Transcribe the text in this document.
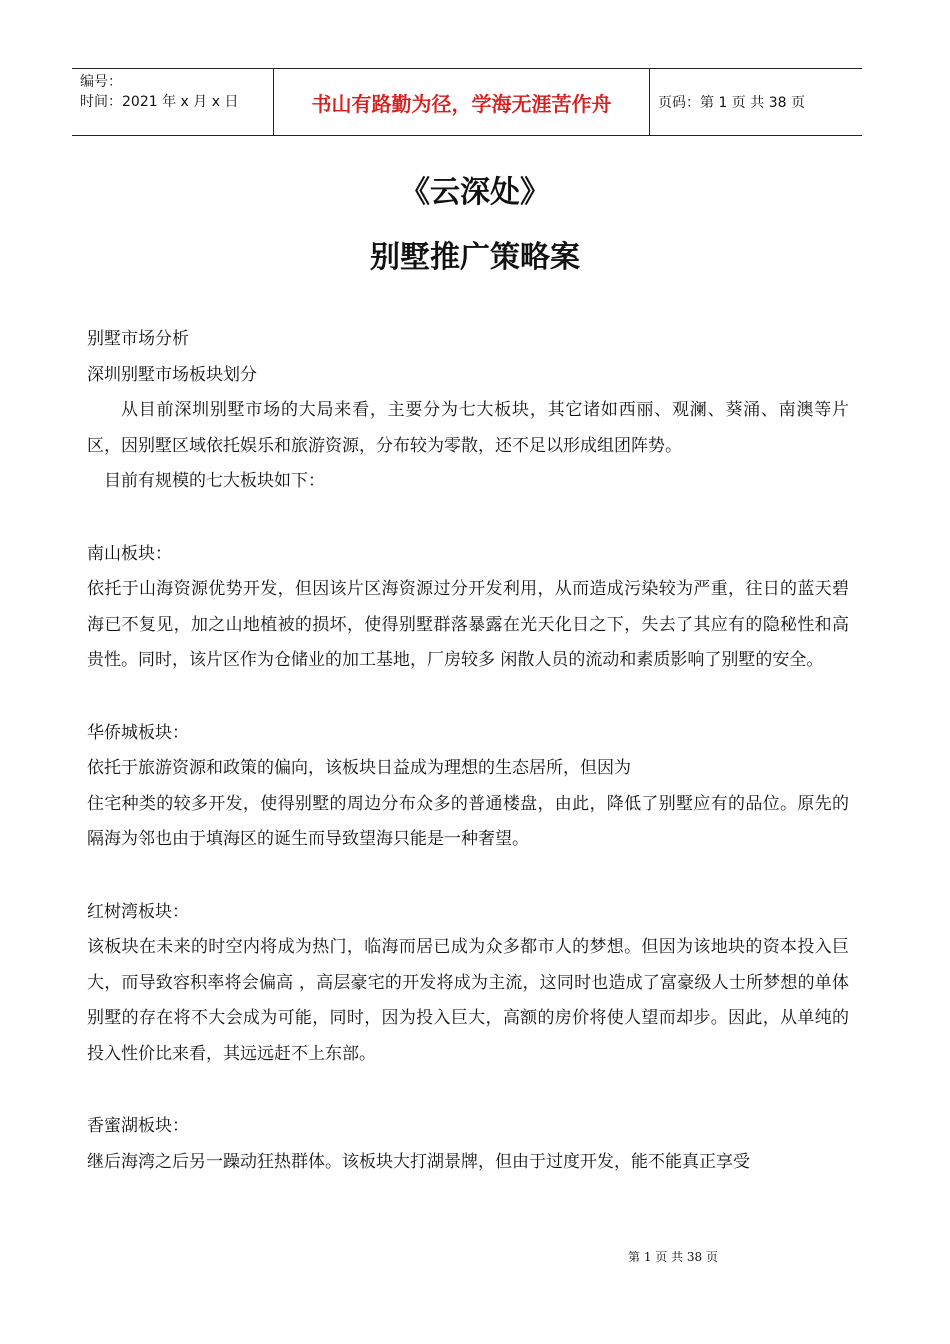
编号：
时间：2021 年 x 月 x 日	书山有路勤为径，学海无涯苦作舟	页码：第 1 页 共 38 页
《云深处》
别墅推广策略案

别墅市场分析

深圳别墅市场板块划分

从目前深圳别墅市场的大局来看，主要分为七大板块，其它诸如西丽、观澜、葵涌、南澳等片区，因别墅区域依托娱乐和旅游资源，分布较为零散，还不足以形成组团阵势。

目前有规模的七大板块如下：

南山板块：

依托于山海资源优势开发，但因该片区海资源过分开发利用，从而造成污染较为严重，往日的蓝天碧海已不复见，加之山地植被的损坏，使得别墅群落暴露在光天化日之下，失去了其应有的隐秘性和高贵性。同时，该片区作为仓储业的加工基地，厂房较多 闲散人员的流动和素质影响了别墅的安全。

华侨城板块：

依托于旅游资源和政策的偏向，该板块日益成为理想的生态居所，但因为

住宅种类的较多开发，使得别墅的周边分布众多的普通楼盘，由此，降低了别墅应有的品位。原先的隔海为邻也由于填海区的诞生而导致望海只能是一种奢望。

红树湾板块：

该板块在未来的时空内将成为热门，临海而居已成为众多都市人的梦想。但因为该地块的资本投入巨大，而导致容积率将会偏高 ，高层豪宅的开发将成为主流，这同时也造成了富豪级人士所梦想的单体别墅的存在将不大会成为可能，同时，因为投入巨大，高额的房价将使人望而却步。因此，从单纯的投入性价比来看，其远远赶不上东部。

香蜜湖板块：

继后海湾之后另一躁动狂热群体。该板块大打湖景牌，但由于过度开发，能不能真正享受

第 1 页 共 38 页
